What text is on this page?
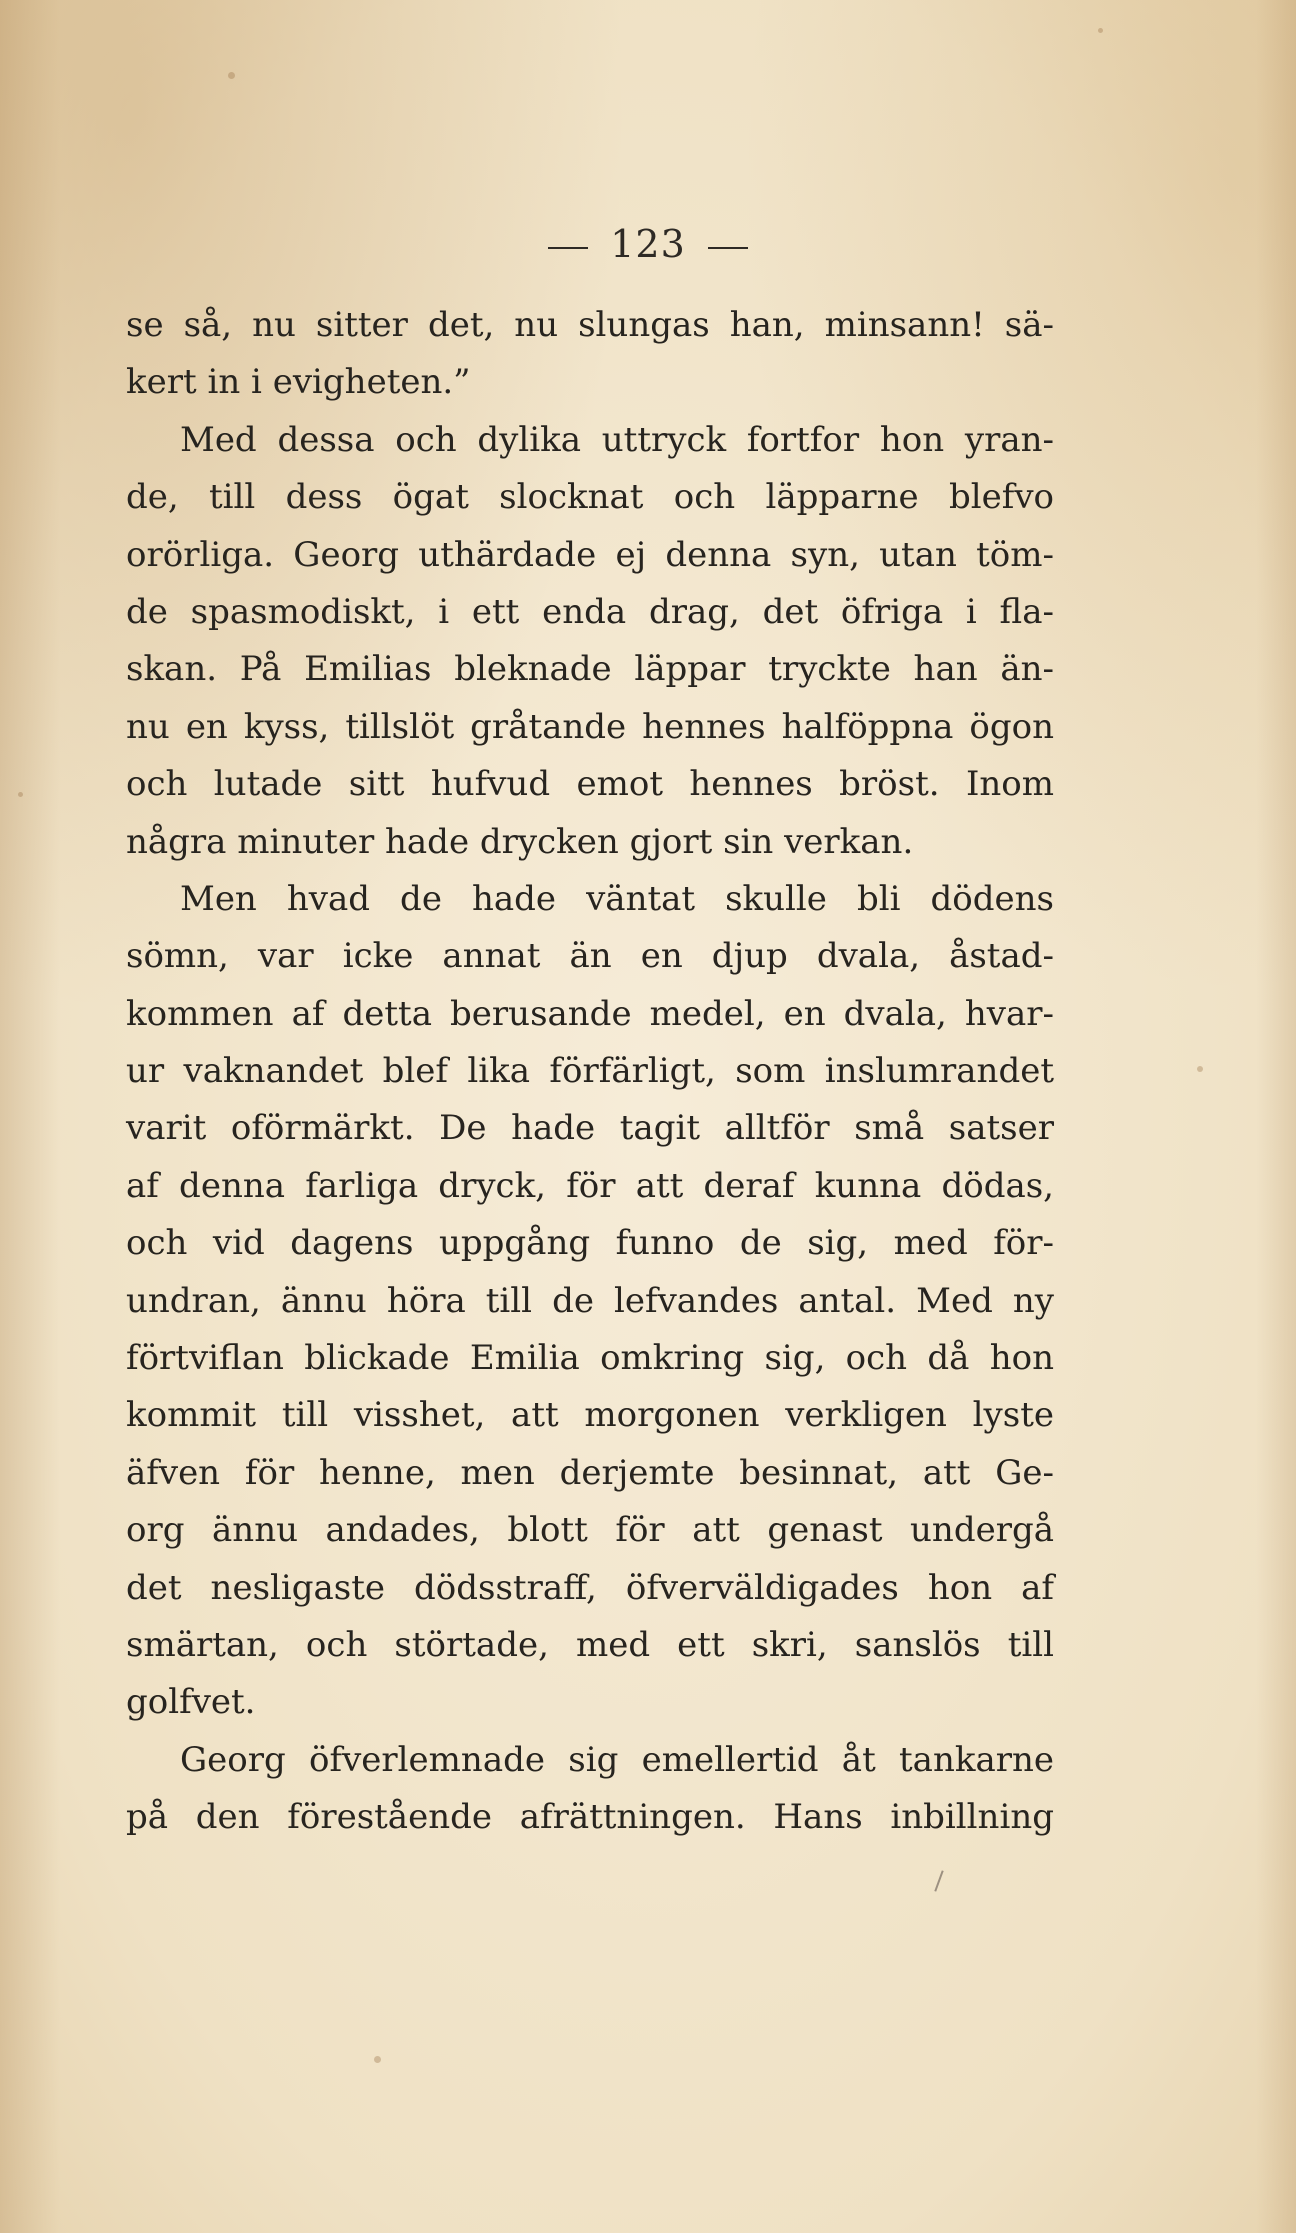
123
se så, nu sitter det, nu slungas han, minsann! sä-
kert in i evigheten.”
Med dessa och dylika uttryck fortfor hon yran-
de, till dess ögat slocknat och läpparne blefvo
orörliga. Georg uthärdade ej denna syn, utan töm-
de spasmodiskt, i ett enda drag, det öfriga i fla-
skan. På Emilias bleknade läppar tryckte han än-
nu en kyss, tillslöt gråtande hennes halföppna ögon
och lutade sitt hufvud emot hennes bröst. Inom
några minuter hade drycken gjort sin verkan.
Men hvad de hade väntat skulle bli dödens
sömn, var icke annat än en djup dvala, åstad-
kommen af detta berusande medel, en dvala, hvar-
ur vaknandet blef lika förfärligt, som inslumrandet
varit oförmärkt. De hade tagit alltför små satser
af denna farliga dryck, för att deraf kunna dödas,
och vid dagens uppgång funno de sig, med för-
undran, ännu höra till de lefvandes antal. Med ny
förtviflan blickade Emilia omkring sig, och då hon
kommit till visshet, att morgonen verkligen lyste
äfven för henne, men derjemte besinnat, att Ge-
org ännu andades, blott för att genast undergå
det nesligaste dödsstraff, öfverväldigades hon af
smärtan, och störtade, med ett skri, sanslös till
golfvet.
Georg öfverlemnade sig emellertid åt tankarne
på den förestående afrättningen. Hans inbillning
